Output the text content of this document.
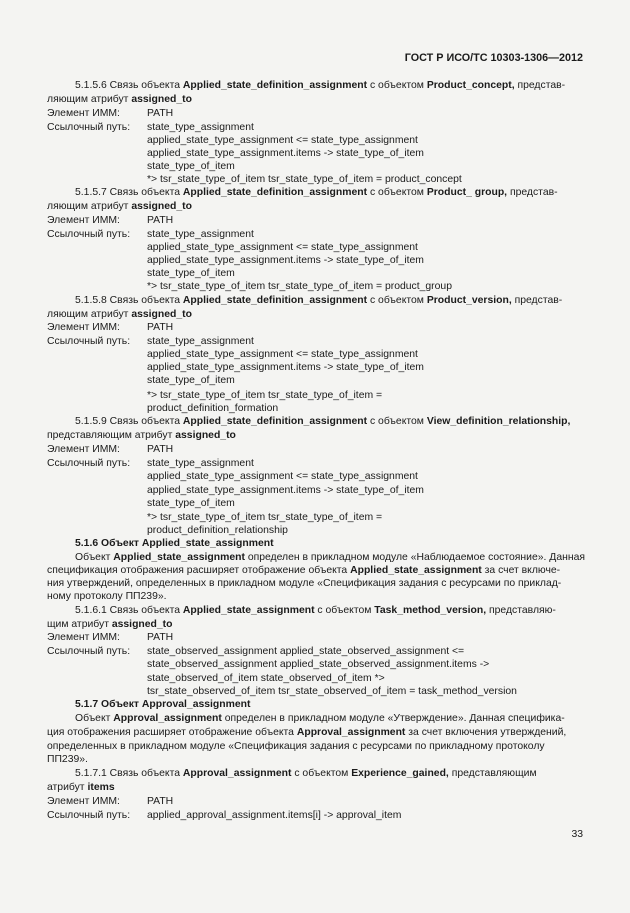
ГОСТ Р ИСО/ТС 10303-1306—2012
5.1.5.6 Связь объекта Applied_state_definition_assignment с объектом Product_concept, представ-
ляющим атрибут assigned_to
Элемент ИММ:	PATH
Ссылочный путь: state_type_assignment
applied_state_type_assignment <= state_type_assignment
applied_state_type_assignment.items -> state_type_of_item
state_type_of_item
*> tsr_state_type_of_item tsr_state_type_of_item = product_concept
5.1.5.7 Связь объекта Applied_state_definition_assignment с объектом Product_ group, представ-
ляющим атрибут assigned_to
Элемент ИММ:	PATH
Ссылочный путь: state_type_assignment
applied_state_type_assignment <= state_type_assignment
applied_state_type_assignment.items -> state_type_of_item
state_type_of_item
*> tsr_state_type_of_item tsr_state_type_of_item = product_group
5.1.5.8 Связь объекта Applied_state_definition_assignment с объектом Product_version, представ-
ляющим атрибут assigned_to
Элемент ИММ:	PATH
Ссылочный путь: state_type_assignment
applied_state_type_assignment <= state_type_assignment
applied_state_type_assignment.items -> state_type_of_item
state_type_of_item
*> tsr_state_type_of_item tsr_state_type_of_item =
product_definition_formation
5.1.5.9 Связь объекта Applied_state_definition_assignment с объектом View_definition_relationship,
представляющим атрибут assigned_to
Элемент ИММ:	PATH
Ссылочный путь: state_type_assignment
applied_state_type_assignment <= state_type_assignment
applied_state_type_assignment.items -> state_type_of_item
state_type_of_item
*> tsr_state_type_of_item tsr_state_type_of_item =
product_definition_relationship
5.1.6 Объект Applied_state_assignment
Объект Applied_state_assignment определен в прикладном модуле «Наблюдаемое состояние». Данная
спецификация отображения расширяет отображение объекта Applied_state_assignment за счет включе-
ния утверждений, определенных в прикладном модуле «Спецификация задания с ресурсами по приклад-
ному протоколу ПП239».
5.1.6.1 Связь объекта Applied_state_assignment с объектом Task_method_version, представляю-
щим атрибут assigned_to
Элемент ИММ:	PATH
Ссылочный путь: state_observed_assignment applied_state_observed_assignment <=
state_observed_assignment applied_state_observed_assignment.items ->
state_observed_of_item state_observed_of_item *>
tsr_state_observed_of_item tsr_state_observed_of_item = task_method_version
5.1.7 Объект Approval_assignment
Объект Approval_assignment определен в прикладном модуле «Утверждение». Данная специфика-
ция отображения расширяет отображение объекта Approval_assignment за счет включения утверждений,
определенных в прикладном модуле «Спецификация задания с ресурсами по прикладному протоколу
ПП239».
5.1.7.1 Связь объекта Approval_assignment с объектом Experience_gained, представляющим
атрибут items
Элемент ИММ:	PATH
Ссылочный путь: applied_approval_assignment.items[i] -> approval_item
33
